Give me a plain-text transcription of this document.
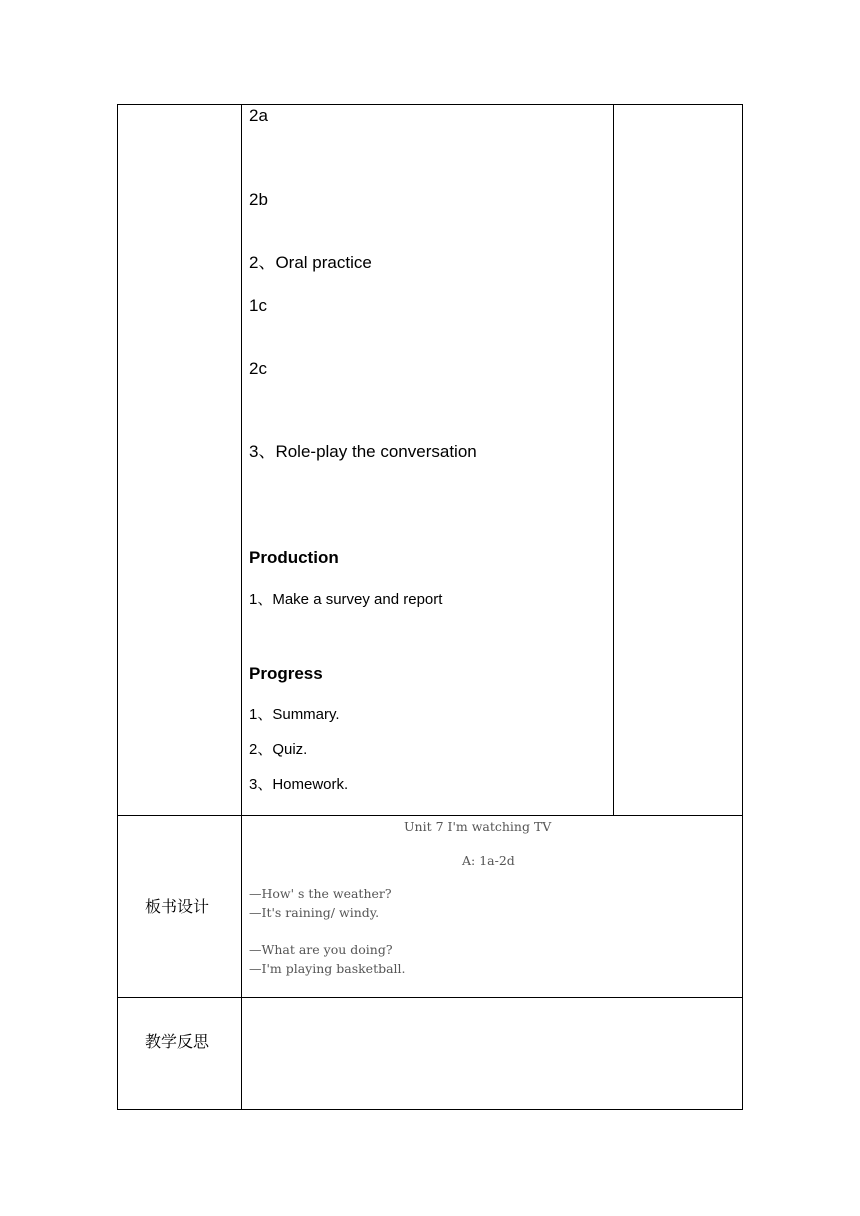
2a
2b
2、Oral practice
1c
2c
3、Role-play the conversation
Production
1、Make a survey and report
Progress
1、Summary.
2、Quiz.
3、Homework.
板书设计
Unit 7 I'm watching TV
A: 1a-2d
—How' s the weather?
—It's raining/ windy.
—What are you doing?
—I'm playing basketball.
教学反思
